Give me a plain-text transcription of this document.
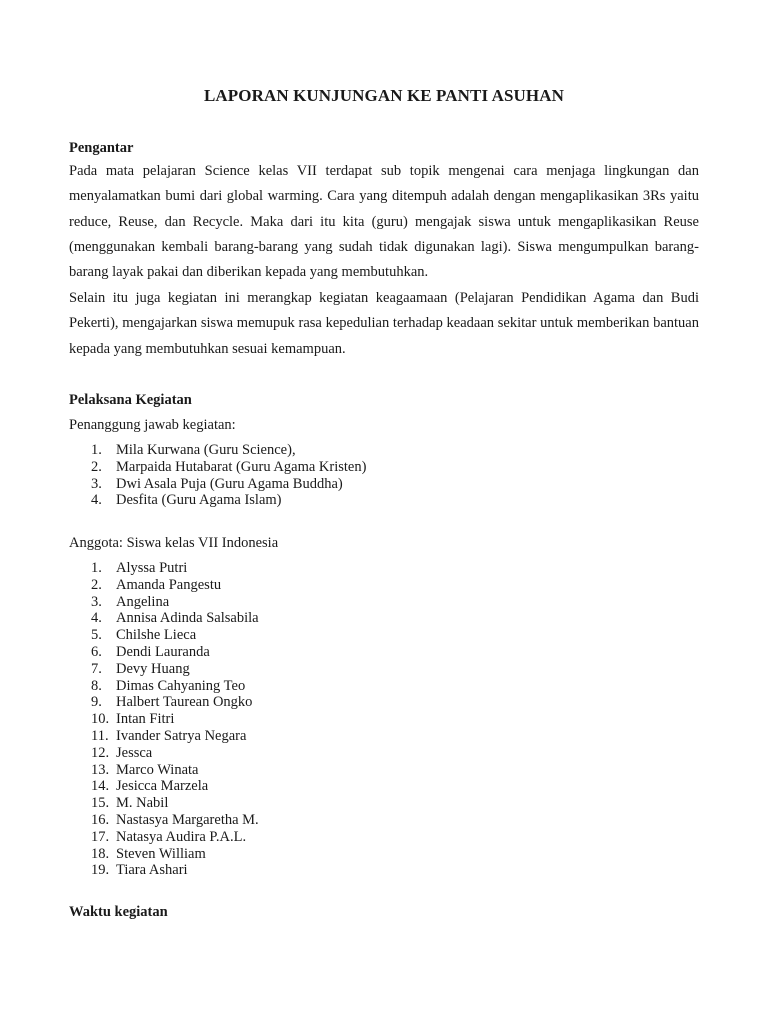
LAPORAN KUNJUNGAN KE PANTI ASUHAN
Pengantar
Pada mata pelajaran Science kelas VII terdapat sub topik mengenai cara menjaga lingkungan dan menyalamatkan bumi dari global warming. Cara yang ditempuh adalah dengan mengaplikasikan 3Rs yaitu reduce, Reuse, dan Recycle. Maka dari itu kita (guru) mengajak siswa untuk mengaplikasikan Reuse (menggunakan kembali barang-barang yang sudah tidak digunakan lagi). Siswa mengumpulkan barang-barang layak pakai dan diberikan kepada yang membutuhkan.
Selain itu juga kegiatan ini merangkap kegiatan keagaamaan (Pelajaran Pendidikan Agama dan Budi Pekerti), mengajarkan siswa memupuk rasa kepedulian terhadap keadaan sekitar untuk memberikan bantuan kepada yang membutuhkan sesuai kemampuan.
Pelaksana Kegiatan
Penanggung jawab kegiatan:
1. Mila Kurwana (Guru Science),
2. Marpaida Hutabarat (Guru Agama Kristen)
3. Dwi Asala Puja (Guru Agama Buddha)
4. Desfita (Guru Agama Islam)
Anggota: Siswa kelas VII Indonesia
1. Alyssa Putri
2. Amanda Pangestu
3. Angelina
4. Annisa Adinda Salsabila
5. Chilshe Lieca
6. Dendi Lauranda
7. Devy Huang
8. Dimas Cahyaning Teo
9. Halbert Taurean Ongko
10. Intan Fitri
11. Ivander Satrya Negara
12. Jessca
13. Marco Winata
14. Jesicca Marzela
15. M. Nabil
16. Nastasya Margaretha M.
17. Natasya Audira P.A.L.
18. Steven William
19. Tiara Ashari
Waktu kegiatan
